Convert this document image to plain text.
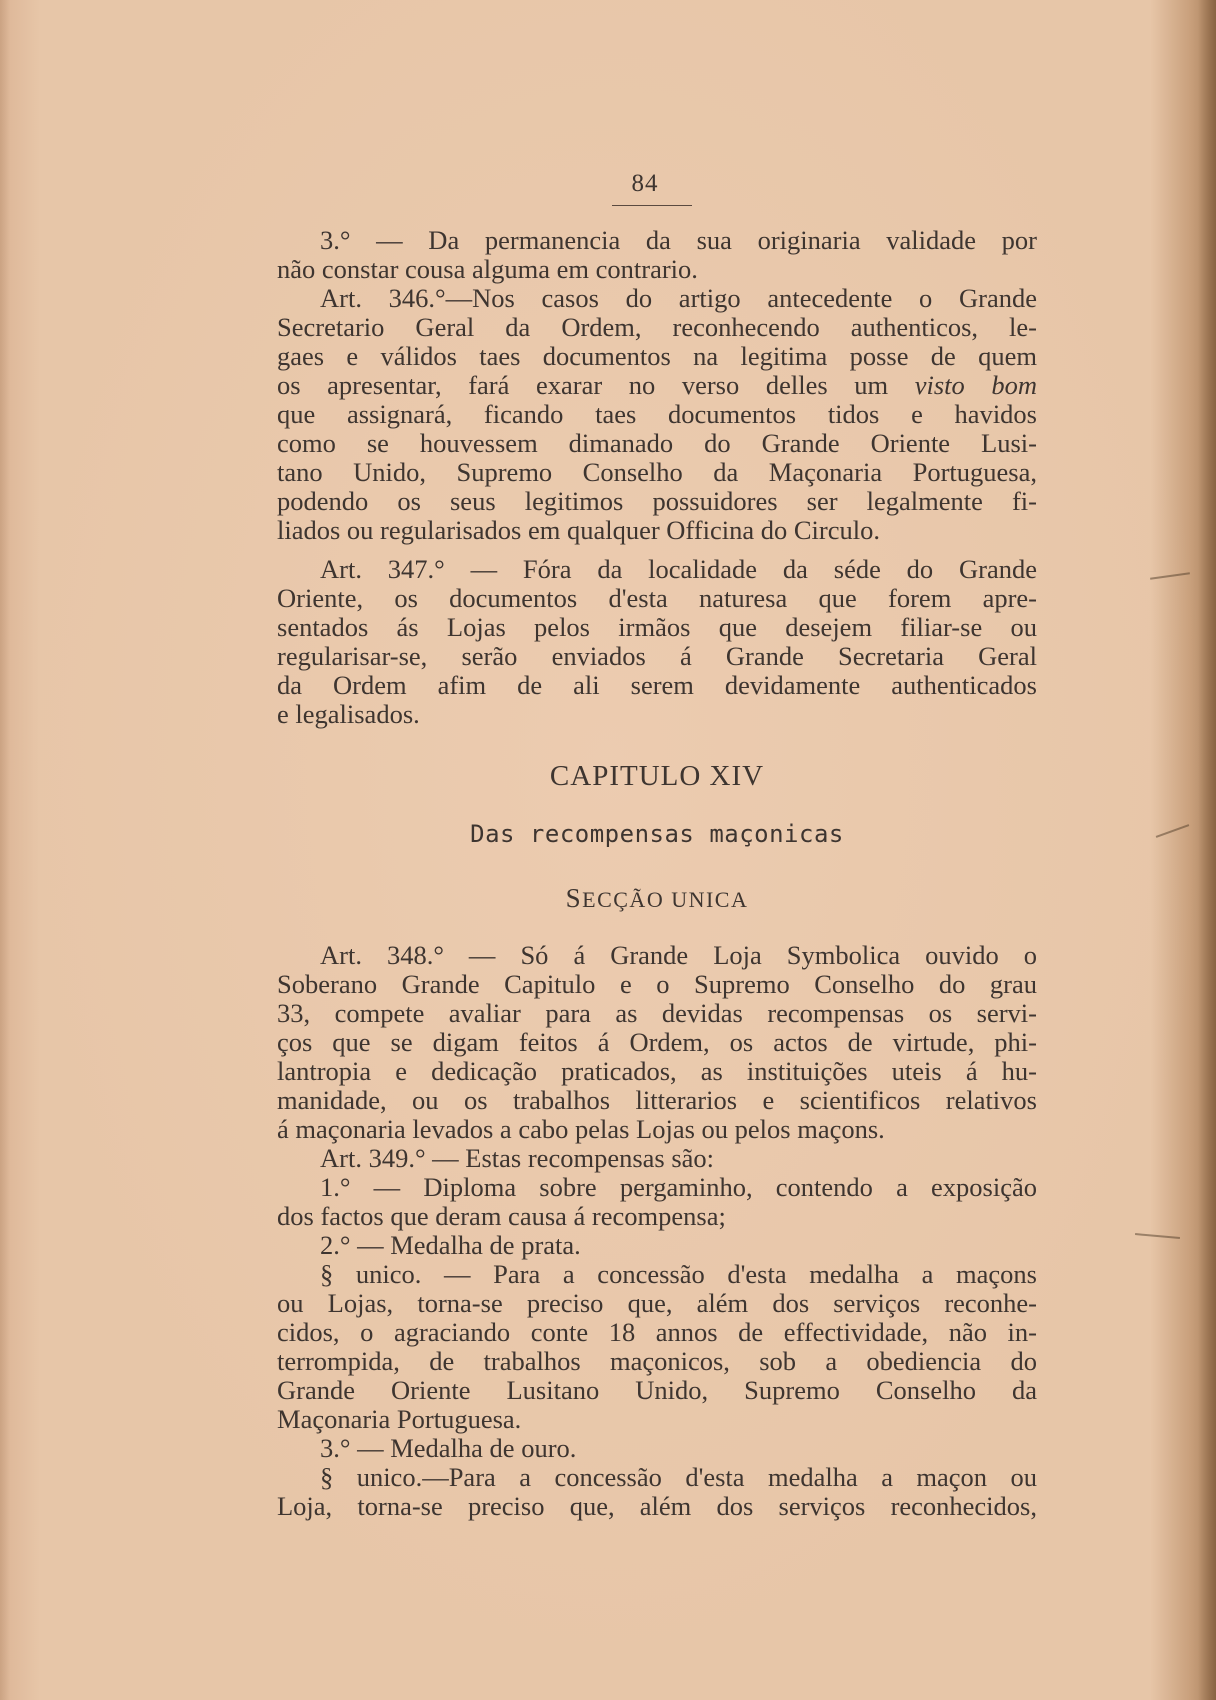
84
3.° — Da permanencia da sua originaria validade por
não constar cousa alguma em contrario.
Art. 346.°—Nos casos do artigo antecedente o Grande
Secretario Geral da Ordem, reconhecendo authenticos, le-
gaes e válidos taes documentos na legitima posse de quem
os apresentar, fará exarar no verso delles um visto bom
que assignará, ficando taes documentos tidos e havidos
como se houvessem dimanado do Grande Oriente Lusi-
tano Unido, Supremo Conselho da Maçonaria Portuguesa,
podendo os seus legitimos possuidores ser legalmente fi-
liados ou regularisados em qualquer Officina do Circulo.
Art. 347.° — Fóra da localidade da séde do Grande
Oriente, os documentos d'esta naturesa que forem apre-
sentados ás Lojas pelos irmãos que desejem filiar-se ou
regularisar-se, serão enviados á Grande Secretaria Geral
da Ordem afim de ali serem devidamente authenticados
e legalisados.
CAPITULO XIV
Das recompensas maçonicas
SECÇÃO UNICA
Art. 348.° — Só á Grande Loja Symbolica ouvido o
Soberano Grande Capitulo e o Supremo Conselho do grau
33, compete avaliar para as devidas recompensas os servi-
ços que se digam feitos á Ordem, os actos de virtude, phi-
lantropia e dedicação praticados, as instituições uteis á hu-
manidade, ou os trabalhos litterarios e scientificos relativos
á maçonaria levados a cabo pelas Lojas ou pelos maçons.
Art. 349.° — Estas recompensas são:
1.° — Diploma sobre pergaminho, contendo a exposição
dos factos que deram causa á recompensa;
2.° — Medalha de prata.
§ unico. — Para a concessão d'esta medalha a maçons
ou Lojas, torna-se preciso que, além dos serviços reconhe-
cidos, o agraciando conte 18 annos de effectividade, não in-
terrompida, de trabalhos maçonicos, sob a obediencia do
Grande Oriente Lusitano Unido, Supremo Conselho da
Maçonaria Portuguesa.
3.° — Medalha de ouro.
§ unico.—Para a concessão d'esta medalha a maçon ou
Loja, torna-se preciso que, além dos serviços reconhecidos,
